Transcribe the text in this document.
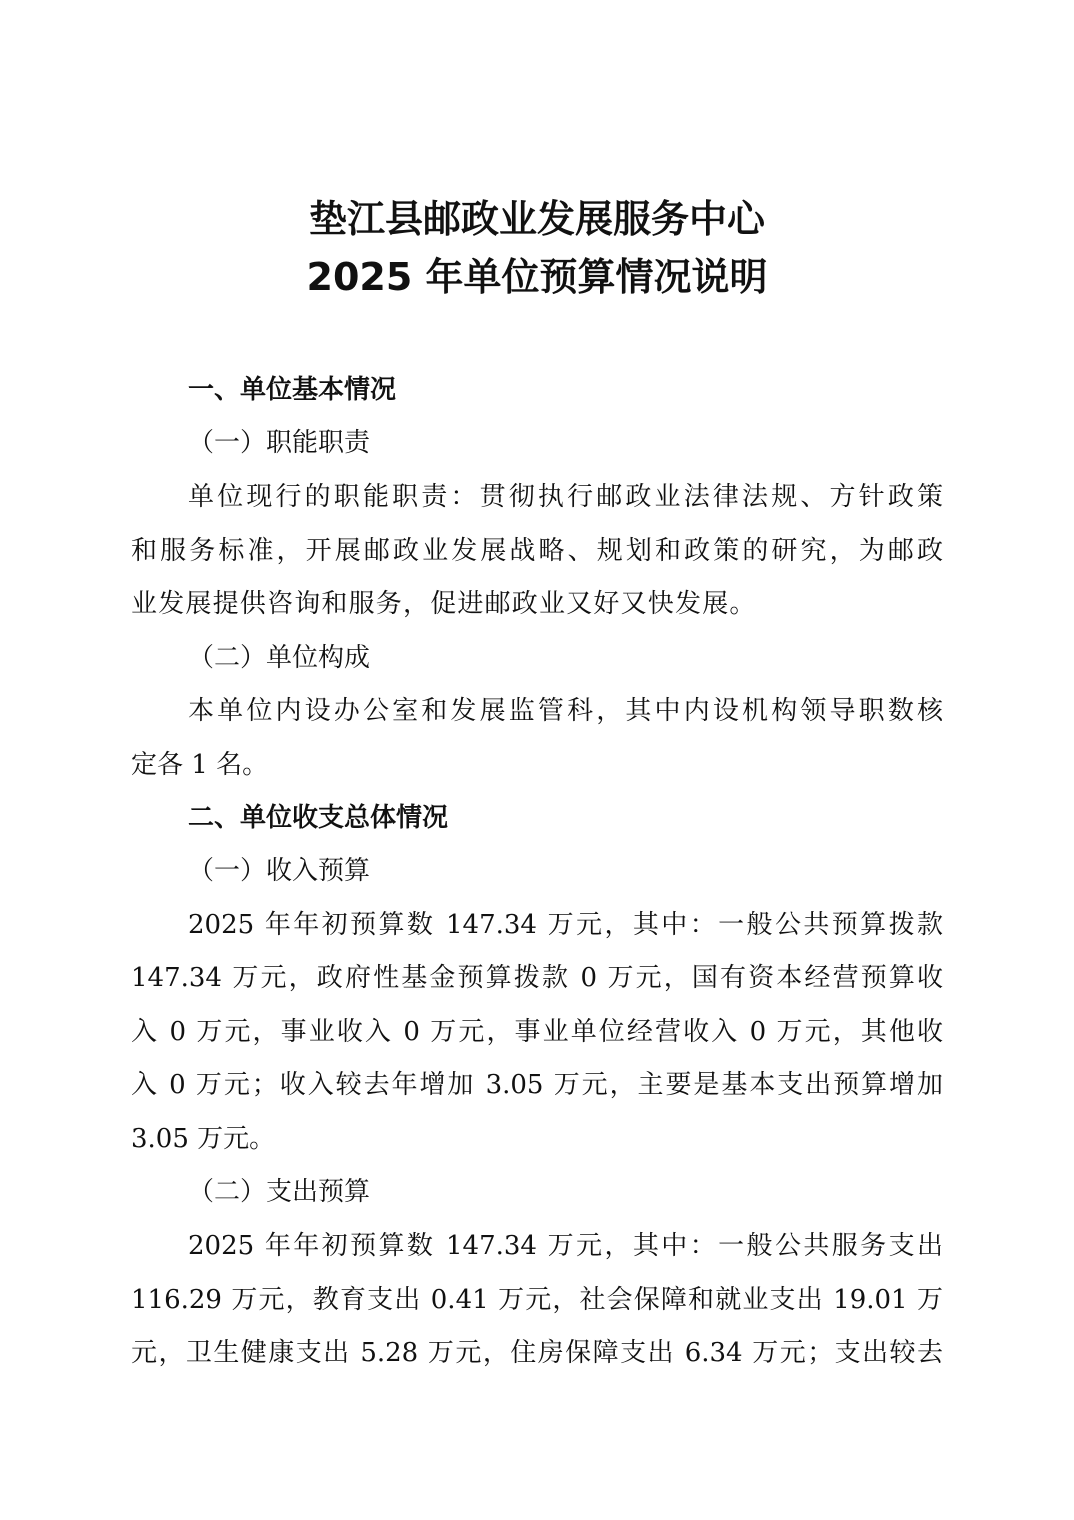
垫江县邮政业发展服务中心
2025 年单位预算情况说明
一、单位基本情况
（一）职能职责
单位现行的职能职责：贯彻执行邮政业法律法规、方针政策
和服务标准，开展邮政业发展战略、规划和政策的研究，为邮政
业发展提供咨询和服务，促进邮政业又好又快发展。
（二）单位构成
本单位内设办公室和发展监管科，其中内设机构领导职数核
定各 1 名。
二、单位收支总体情况
（一）收入预算
2025 年年初预算数 147.34 万元，其中：一般公共预算拨款
147.34 万元，政府性基金预算拨款 0 万元，国有资本经营预算收
入 0 万元，事业收入 0 万元，事业单位经营收入 0 万元，其他收
入 0 万元；收入较去年增加 3.05 万元，主要是基本支出预算增加
3.05 万元。
（二）支出预算
2025 年年初预算数 147.34 万元，其中：一般公共服务支出
116.29 万元，教育支出 0.41 万元，社会保障和就业支出 19.01 万
元，卫生健康支出 5.28 万元，住房保障支出 6.34 万元；支出较去
